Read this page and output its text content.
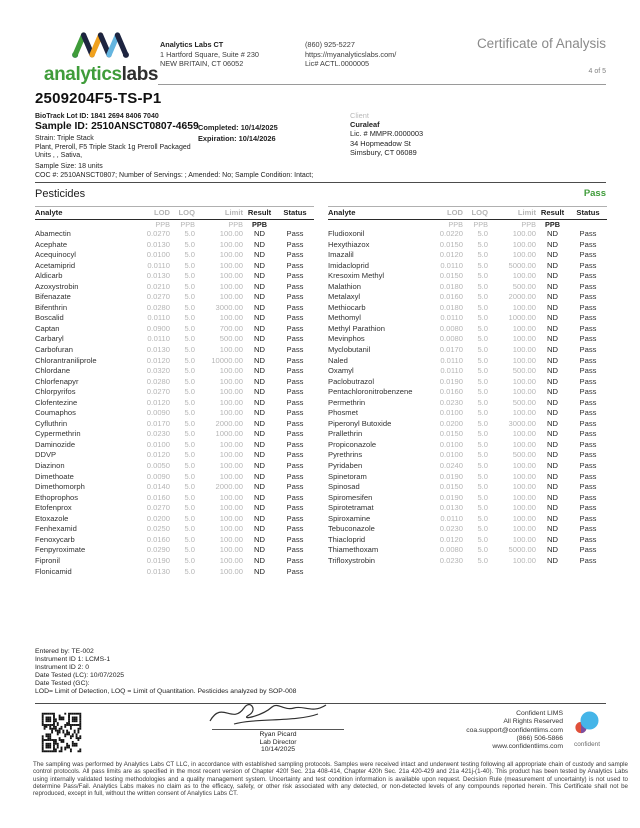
analyticslabs
Analytics Labs CT
1 Hartford Square, Suite # 230
NEW BRITAIN, CT 06052
(860) 925-5227
https://myanalyticslabs.com/
Lic# ACTL.0000005
Certificate of Analysis
4 of 5
2509204F5-TS-P1
BioTrack Lot ID: 1841 2694 8406 7040
Sample ID: 2510ANSCT0807-4659
Strain: Triple Stack
Plant, Preroll, F5 Triple Stack 1g Preroll Packaged
Units , , Sativa,
Completed: 10/14/2025
Expiration: 10/14/2026
Client
Curaleaf
Lic. # MMPR.0000003
34 Hopmeadow St
Simsbury, CT 06089
Sample Size: 18 units
COC #: 2510ANSCT0807; Number of Servings: ; Amended: No; Sample Condition: Intact;
Pesticides	Pass
Analyte	LOD	LOQ	Limit Result	Status
PPB	PPB	PPB	PPB
Abamectin	0.0270	5.0	100.00	ND	Pass
Acephate	0.0130	5.0	100.00	ND	Pass
Acequinocyl	0.0100	5.0	100.00	ND	Pass
Acetamiprid	0.0110	5.0	100.00	ND	Pass
Aldicarb	0.0130	5.0	100.00	ND	Pass
Azoxystrobin	0.0210	5.0	100.00	ND	Pass
Bifenazate	0.0270	5.0	100.00	ND	Pass
Bifenthrin	0.0280	5.0	3000.00	ND	Pass
Boscalid	0.0110	5.0	100.00	ND	Pass
Captan	0.0900	5.0	700.00	ND	Pass
Carbaryl	0.0110	5.0	500.00	ND	Pass
Carbofuran	0.0130	5.0	100.00	ND	Pass
Chlorantraniliprole	0.0120	5.0	10000.00	ND	Pass
Chlordane	0.0320	5.0	100.00	ND	Pass
Chlorfenapyr	0.0280	5.0	100.00	ND	Pass
Chlorpyrifos	0.0270	5.0	100.00	ND	Pass
Clofentezine	0.0120	5.0	100.00	ND	Pass
Coumaphos	0.0090	5.0	100.00	ND	Pass
Cyfluthrin	0.0170	5.0	2000.00	ND	Pass
Cypermethrin	0.0230	5.0	1000.00	ND	Pass
Daminozide	0.0100	5.0	100.00	ND	Pass
DDVP	0.0120	5.0	100.00	ND	Pass
Diazinon	0.0050	5.0	100.00	ND	Pass
Dimethoate	0.0090	5.0	100.00	ND	Pass
Dimethomorph	0.0140	5.0	2000.00	ND	Pass
Ethoprophos	0.0160	5.0	100.00	ND	Pass
Etofenprox	0.0270	5.0	100.00	ND	Pass
Etoxazole	0.0200	5.0	100.00	ND	Pass
Fenhexamid	0.0250	5.0	100.00	ND	Pass
Fenoxycarb	0.0160	5.0	100.00	ND	Pass
Fenpyroximate	0.0290	5.0	100.00	ND	Pass
Fipronil	0.0190	5.0	100.00	ND	Pass
Flonicamid	0.0130	5.0	100.00	ND	Pass
Analyte	LOD	LOQ	Limit Result	Status
PPB	PPB	PPB	PPB
Fludioxonil	0.0220	5.0	100.00	ND	Pass
Hexythiazox	0.0150	5.0	100.00	ND	Pass
Imazalil	0.0120	5.0	100.00	ND	Pass
Imidacloprid	0.0110	5.0	5000.00	ND	Pass
Kresoxim Methyl	0.0150	5.0	100.00	ND	Pass
Malathion	0.0180	5.0	500.00	ND	Pass
Metalaxyl	0.0160	5.0	2000.00	ND	Pass
Methiocarb	0.0180	5.0	100.00	ND	Pass
Methomyl	0.0110	5.0	1000.00	ND	Pass
Methyl Parathion	0.0080	5.0	100.00	ND	Pass
Mevinphos	0.0080	5.0	100.00	ND	Pass
Myclobutanil	0.0170	5.0	100.00	ND	Pass
Naled	0.0110	5.0	100.00	ND	Pass
Oxamyl	0.0110	5.0	500.00	ND	Pass
Paclobutrazol	0.0190	5.0	100.00	ND	Pass
Pentachloronitrobenzene	0.0160	5.0	100.00	ND	Pass
Permethrin	0.0230	5.0	500.00	ND	Pass
Phosmet	0.0100	5.0	100.00	ND	Pass
Piperonyl Butoxide	0.0200	5.0	3000.00	ND	Pass
Prallethrin	0.0150	5.0	100.00	ND	Pass
Propiconazole	0.0100	5.0	100.00	ND	Pass
Pyrethrins	0.0100	5.0	500.00	ND	Pass
Pyridaben	0.0240	5.0	100.00	ND	Pass
Spinetoram	0.0190	5.0	100.00	ND	Pass
Spinosad	0.0150	5.0	100.00	ND	Pass
Spiromesifen	0.0190	5.0	100.00	ND	Pass
Spirotetramat	0.0130	5.0	100.00	ND	Pass
Spiroxamine	0.0110	5.0	100.00	ND	Pass
Tebuconazole	0.0230	5.0	100.00	ND	Pass
Thiacloprid	0.0120	5.0	100.00	ND	Pass
Thiamethoxam	0.0080	5.0	5000.00	ND	Pass
Trifloxystrobin	0.0230	5.0	100.00	ND	Pass
Entered by: TE-002
Instrument ID 1: LCMS-1
Instrument ID 2: 0
Date Tested (LC): 10/07/2025
Date Tested (GC):
LOD= Limit of Detection, LOQ = Limit of Quantitation. Pesticides analyzed by SOP-008
Ryan Picard
Lab Director
10/14/2025
Confident LIMS
All Rights Reserved
coa.support@confidentlims.com
(866) 506-5866
www.confidentlims.com	confident
The sampling was performed by Analytics Labs CT LLC, in accordance with established sampling protocols. Samples were received intact and underwent testing following all appropriate chain of custody and sample control protocols. All pass limits are as specified in the most recent version of Chapter 420f Sec. 21a 408-414, Chapter 420h Sec. 21a 420-429 and 21a 421j-(1-40). This product has been tested by Analytics Labs using internally validated testing methodologies and a quality management system. Uncertainty and test condition information is available upon request. Decision Rule (measurement of uncertainty) is not used to determine Pass/Fail. Analytics Labs makes no claim as to the efficacy, safety, or other risk associated with any detected, or non-detected levels of any compounds reported herein. This Certificate shall not be reproduced, except in full, without the written consent of Analytics Labs CT.
